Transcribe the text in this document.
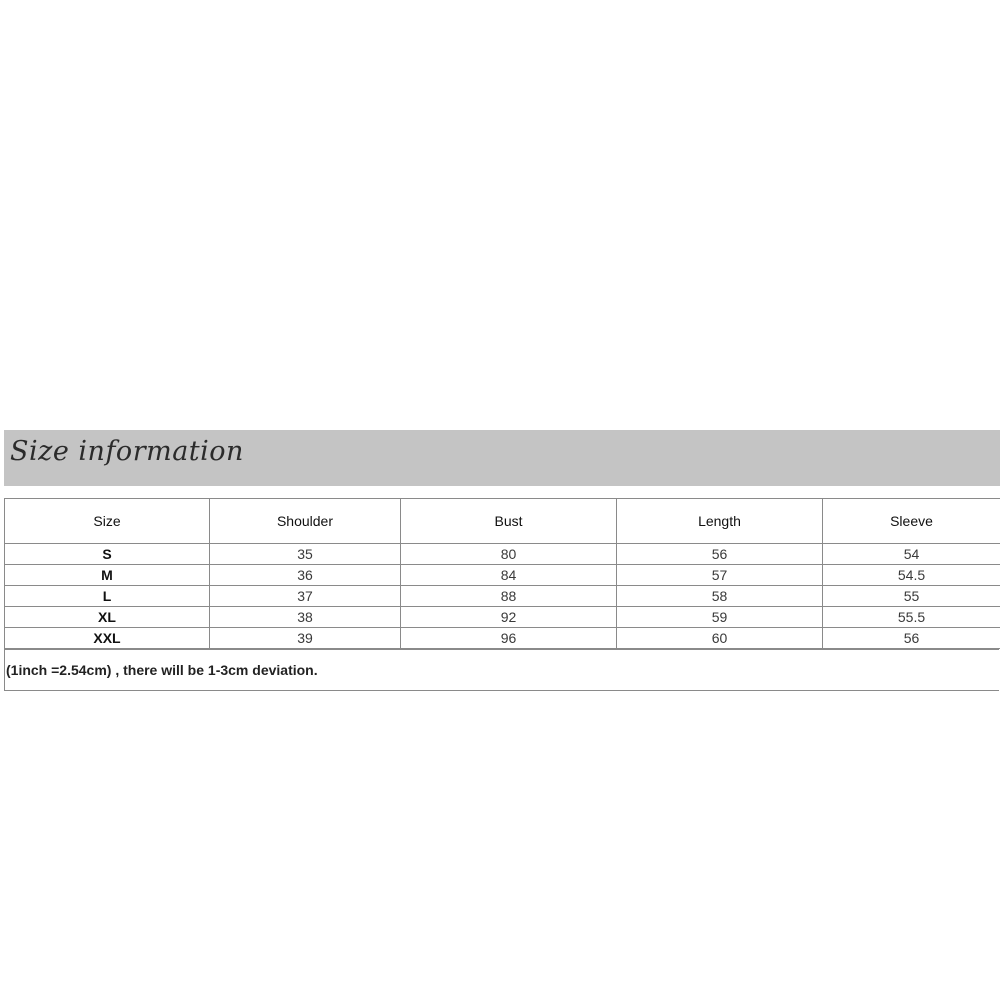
Size information
Size	Shoulder	Bust	Length	Sleeve
S	35	80	56	54
M	36	84	57	54.5
L	37	88	58	55
XL	38	92	59	55.5
XXL	39	96	60	56
(1inch =2.54cm) , there will be 1-3cm deviation.
